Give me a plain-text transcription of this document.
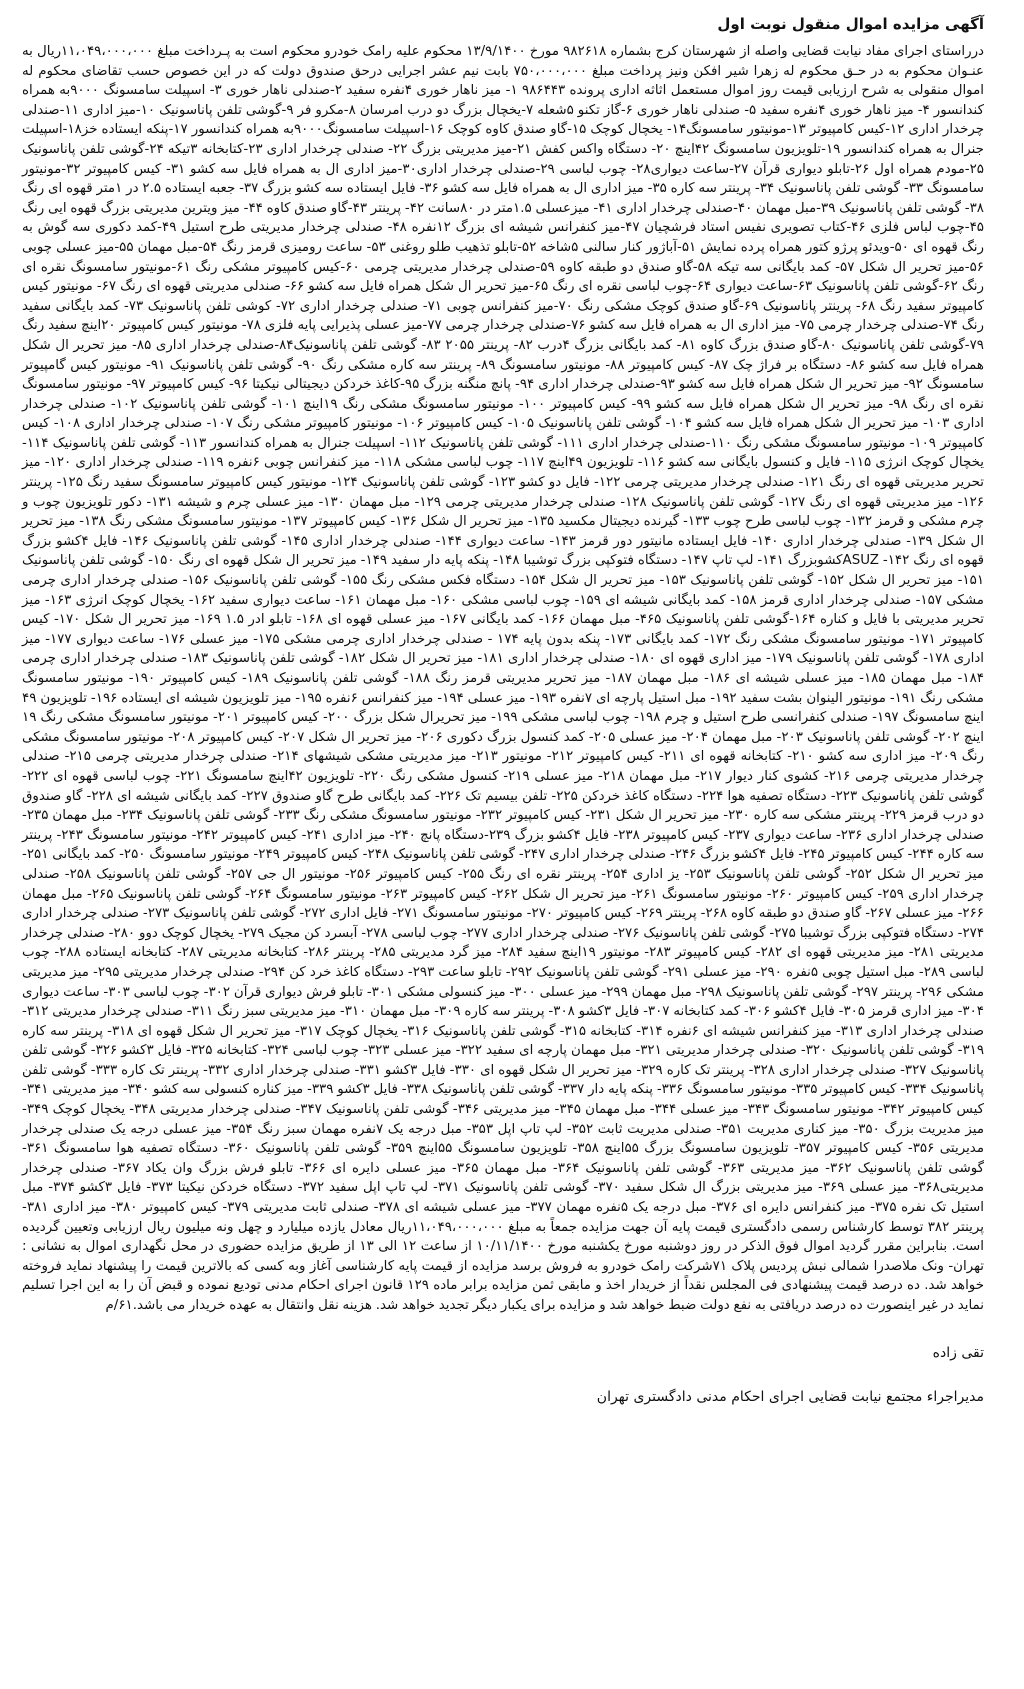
آگهی مزایده اموال منقول نوبت اول

درراستای اجرای مفاد نیابت قضایی واصله از شهرستان کرج بشماره ۹۸۲۶۱۸ مورخ ۱۳/۹/۱۴۰۰ محکوم علیه رامک خودرو محکوم است به پـرداخت مبلغ ۱۱،۰۴۹،۰۰۰،۰۰۰ریال به عنـوان محکوم به در حـق محکوم له زهرا شیر افکن ونیز پرداخت مبلغ ۷۵۰،۰۰۰،۰۰۰ بابت نیم عشر اجرایی درحق صندوق دولت که در این خصوص حسب تقاضای محکوم له اموال منقولی به شرح ارزیابی قیمت روز اموال مستعمل اثاثه اداری پرونده ۹۸۶۴۴۳ ۱- میز ناهار خوری ۴نفره سفید ۲-صندلی ناهار خوری ۳- اسپیلت سامسونگ ۹۰۰۰به همراه کندانسور ۴- میز ناهار خوری ۴نفره سفید ۵- صندلی ناهار خوری ۶-گاز تکنو ۵شعله ۷-یخچال بزرگ دو درب امرسان ۸-مکرو فر ۹-گوشی تلفن پاناسونیک ۱۰-میز اداری ۱۱-صندلی چرخدار اداری ۱۲-کیس کامپیوتر ۱۳-مونیتور سامسونگ۱۴- یخچال کوچک ۱۵-گاو صندق کاوه کوچک ۱۶-اسپیلت سامسونگ۹۰۰۰به همراه کندانسور ۱۷-پنکه ایستاده خز۱۸-اسپیلت جنرال به همراه کندانسور ۱۹-تلویزیون سامسونگ ۴۲اینچ ۲۰- دستگاه واکس کفش ۲۱-میز مدیریتی بزرگ ۲۲- صندلی چرخدار اداری ۲۳-کتابخانه ۳تیکه ۲۴-گوشی تلفن پاناسونیک ۲۵-مودم همراه اول ۲۶-تابلو دیواری قرآن ۲۷-ساعت دیواری۲۸- چوب لباسی ۲۹-صندلی چرخدار اداری۳۰-میز اداری ال به همراه فایل سه کشو ۳۱- کیس کامپیوتر ۳۲-مونیتور سامسونگ ۳۳- گوشی تلفن پاناسونیک ۳۴- پرینتر سه کاره ۳۵- میز اداری ال به همراه فایل سه کشو ۳۶- فایل ایستاده سه کشو بزرگ ۳۷- جعبه ایستاده ۲.۵ در ۱متر قهوه ای رنگ ۳۸- گوشی تلفن پاناسونیک ۳۹-مبل مهمان ۴۰-صندلی چرخدار اداری ۴۱- میزعسلی ۱.۵متر در ۸۰سانت ۴۲- پرینتر ۴۳-گاو صندق کاوه ۴۴- میز ویترین مدیریتی بزرگ قهوه ایی رنگ ۴۵-چوب لباس فلزی ۴۶-کتاب تصویری نفیس استاد فرشچیان ۴۷-میز کنفرانس شیشه ای بزرگ ۱۲نفره ۴۸- صندلی چرخدار مدیریتی طرح استیل ۴۹-کمد دکوری سه گوش به رنگ قهوه ای ۵۰-ویدئو پرژو کتور همراه پرده نمایش ۵۱-آباژور کنار سالنی ۵شاخه ۵۲-تابلو تذهیب طلو روغنی ۵۳- ساعت رومیزی قرمز رنگ ۵۴-مبل مهمان ۵۵-میز عسلی چوبی ۵۶-میز تحریر ال شکل ۵۷- کمد بایگانی سه تیکه ۵۸-گاو صندق دو طبقه کاوه ۵۹-صندلی چرخدار مدیریتی چرمی ۶۰-کیس کامپیوتر مشکی رنگ ۶۱-مونیتور سامسونگ نقره ای رنگ ۶۲-گوشی تلفن پاناسونیک ۶۳-ساعت دیواری ۶۴-چوب لباسی نقره ای رنگ ۶۵-میز تحریر ال شکل همراه فایل سه کشو ۶۶- صندلی مدیریتی قهوه ای رنگ ۶۷- مونیتور کیس کامپیوتر سفید رنگ ۶۸- پرینتر پاناسونیک ۶۹-گاو صندق کوچک مشکی رنگ ۷۰-میز کنفرانس چوبی ۷۱- صندلی چرخدار اداری ۷۲- کوشی تلفن پاناسونیک ۷۳- کمد بایگانی سفید رنگ ۷۴-صندلی چرخدار چرمی ۷۵- میز اداری ال به همراه فایل سه کشو ۷۶-صندلی چرخدار چرمی ۷۷-میز عسلی پذیرایی پایه فلزی ۷۸- مونیتور کیس کامپیوتر ۲۰اینچ سفید رنگ ۷۹-گوشی تلفن پاناسونیک ۸۰-گاو صندق بزرگ کاوه ۸۱- کمد بایگانی بزرگ ۴درب ۸۲- پرینتر ۲۰۵۵ ۸۳- گوشی تلفن پاناسونیک۸۴-صندلی چرخدار اداری ۸۵- میز تحریر ال شکل همراه فایل سه کشو ۸۶- دستگاه بر فراژ چک ۸۷- کیس کامپیوتر ۸۸- مونیتور سامسونگ ۸۹- پرینتر سه کاره مشکی رنگ ۹۰- گوشی تلفن پاناسونیک ۹۱- مونیتور کیس گامپیوتر سامسونگ ۹۲- میز تحریر ال شکل همراه فایل سه کشو ۹۳-صندلی چرخدار اداری ۹۴- پانچ منگنه بزرگ ۹۵-کاغذ خردکن دیجیتالی نیکیتا ۹۶- کیس کامپیوتر ۹۷- مونیتور سامسونگ نقره ای رنگ ۹۸- میز تحریر ال شکل همراه فایل سه کشو ۹۹- کیس کامپیوتر ۱۰۰- مونیتور سامسونگ مشکی رنگ ۱۹اینچ ۱۰۱- گوشی تلفن پاناسونیک ۱۰۲- صندلی چرخدار اداری ۱۰۳- میز تحریر ال شکل همراه فایل سه کشو ۱۰۴- گوشی تلفن پاناسونیک ۱۰۵- کیس کامپیوتر ۱۰۶- مونیتور کامپیوتر مشکی رنگ ۱۰۷- صندلی چرخدار اداری ۱۰۸- کیس کامپیوتر ۱۰۹- مونیتور سامسونگ مشکی رنگ ۱۱۰-صندلی چرخدار اداری ۱۱۱- گوشی تلفن پاناسونیک ۱۱۲- اسپیلت جنرال به همراه کندانسور ۱۱۳- گوشی تلفن پاناسونیک ۱۱۴- یخچال کوچک انرژی ۱۱۵- فایل و کنسول بایگانی سه کشو ۱۱۶- تلویزیون ۴۹اینچ ۱۱۷- چوب لباسی مشکی ۱۱۸- میز کنفرانس چوبی ۶نفره ۱۱۹- صندلی چرخدار اداری ۱۲۰- میز تحریر مدیریتی قهوه ای رنگ ۱۲۱- صندلی چرخدار مدیریتی چرمی ۱۲۲- فایل دو کشو ۱۲۳- گوشی تلفن پاناسونیک ۱۲۴- مونیتور کیس کامپیوتر سامسونگ سفید رنگ ۱۲۵- پرینتر ۱۲۶- میز مدیریتی قهوه ای رنگ ۱۲۷- گوشی تلفن پاناسونیک ۱۲۸- صندلی چرخدار مدیریتی چرمی ۱۲۹- مبل مهمان ۱۳۰- میز عسلی چرم و شیشه ۱۳۱- دکور تلویزیون چوب و چرم مشکی و قرمز ۱۳۲- چوب لباسی طرح چوب ۱۳۳- گیرنده دیجیتال مکسید ۱۳۵- میز تحریر ال شکل ۱۳۶- کیس کامپیوتر ۱۳۷- مونیتور سامسونگ مشکی رنگ ۱۳۸- میز تحریر ال شکل ۱۳۹- صندلی چرخدار اداری ۱۴۰- فایل ایستاده مانیتور دور قرمز ۱۴۳- ساعت دیواری ۱۴۴- صندلی چرخدار اداری ۱۴۵- گوشی تلفن پاناسونیک ۱۴۶- فایل ۴کشو بزرگ قهوه ای رنگ ۱۴۲- ASUZکشوبزرگ ۱۴۱- لپ تاپ ۱۴۷- دستگاه فتوکپی بزرگ توشیبا ۱۴۸- پنکه پایه دار سفید ۱۴۹- میز تحریر ال شکل قهوه ای رنگ ۱۵۰- گوشی تلفن پاناسونیک ۱۵۱- میز تحریر ال شکل ۱۵۲- گوشی تلفن پاناسونیک ۱۵۳- میز تحریر ال شکل ۱۵۴- دستگاه فکس مشکی رنگ ۱۵۵- گوشی تلفن پاناسونیک ۱۵۶- صندلی چرخدار اداری چرمی مشکی ۱۵۷- صندلی چرخدار اداری قرمز ۱۵۸- کمد بایگانی شیشه ای ۱۵۹- چوب لباسی مشکی ۱۶۰- مبل مهمان ۱۶۱- ساعت دیواری سفید ۱۶۲- یخچال کوچک انرژی ۱۶۳- میز تحریر مدیریتی با فایل و کناره ۱۶۴-گوشی تلفن پاناسونیک ۴۶۵- مبل مهمان ۱۶۶- کمد بایگانی ۱۶۷- میز عسلی قهوه ای ۱۶۸- تابلو ادر ۱.۵ ۱۶۹- میز تحریر ال شکل ۱۷۰- کیس کامپیوتر ۱۷۱- مونیتور سامسونگ مشکی رنگ ۱۷۲- کمد بایگانی ۱۷۳- پنکه بدون پایه ۱۷۴ - صندلی چرخدار اداری چرمی مشکی ۱۷۵- میز عسلی ۱۷۶- ساعت دیواری ۱۷۷- میز اداری ۱۷۸- گوشی تلفن پاناسونیک ۱۷۹- میز اداری قهوه ای ۱۸۰- صندلی چرخدار اداری ۱۸۱- میز تحریر ال شکل ۱۸۲- گوشی تلفن پاناسونیک ۱۸۳- صندلی چرخدار اداری چرمی ۱۸۴- مبل مهمان ۱۸۵- میز عسلی شیشه ای ۱۸۶- مبل مهمان ۱۸۷- میز تحریر مدیریتی قرمز رنگ ۱۸۸- گوشی تلفن پاناسونیک ۱۸۹- کیس کامپیوتر ۱۹۰- مونیتور سامسونگ مشکی رنگ ۱۹۱- مونیتور الینوان بشت سفید ۱۹۲- مبل استیل پارچه ای ۷نفره ۱۹۳- میز عسلی ۱۹۴- میز کنفرانس ۶نفره ۱۹۵- میز تلویزیون شیشه ای ایستاده ۱۹۶- تلویزیون ۴۹ اینچ سامسونگ ۱۹۷- صندلی کنفرانسی طرح استیل و چرم ۱۹۸- چوب لباسی مشکی ۱۹۹- میز تحریرال شکل بزرگ ۲۰۰- کیس کامپیوتر ۲۰۱- مونیتور سامسونگ مشکی رنگ ۱۹ اینچ ۲۰۲- گوشی تلفن پاناسونیک ۲۰۳- مبل مهمان ۲۰۴- میز عسلی ۲۰۵- کمد کنسول بزرگ دکوری ۲۰۶- میز تحریر ال شکل ۲۰۷- کیس کامپیوتر ۲۰۸- مونیتور سامسونگ مشکی رنگ ۲۰۹- میز اداری سه کشو ۲۱۰- کتابخانه قهوه ای ۲۱۱- کیس کامپیوتر ۲۱۲- مونیتور ۲۱۳- میز مدیریتی مشکی شیشهای ۲۱۴- صندلی چرخدار مدیریتی چرمی ۲۱۵- صندلی چرخدار مدیریتی چرمی ۲۱۶- کشوی کنار دیوار ۲۱۷- مبل مهمان ۲۱۸- میز عسلی ۲۱۹- کنسول مشکی رنگ ۲۲۰- تلویزیون ۴۲اینچ سامسونگ ۲۲۱- چوب لباسی قهوه ای ۲۲۲- گوشی تلفن پاناسونیک ۲۲۳- دستگاه تصفیه هوا ۲۲۴- دستگاه کاغذ خردکن ۲۲۵- تلفن بیسیم تک ۲۲۶- کمد بایگانی طرح گاو صندوق ۲۲۷- کمد بایگانی شیشه ای ۲۲۸- گاو صندوق دو درب قرمز ۲۲۹- پرینتر مشکی سه کاره ۲۳۰- میز تحریر ال شکل ۲۳۱- کیس کامپیوتر ۲۳۲- مونیتور سامسونگ مشکی رنگ ۲۳۳- گوشی تلفن پاناسونیک ۲۳۴- مبل مهمان ۲۳۵- صندلی چرخدار اداری ۲۳۶- ساعت دیواری ۲۳۷- کیس کامپیوتر ۲۳۸- فایل ۴کشو بزرگ ۲۳۹-دستگاه پانچ ۲۴۰- میز اداری ۲۴۱- کیس کامپیوتر ۲۴۲- مونیتور سامسونگ ۲۴۳- پرینتر سه کاره ۲۴۴- کیس کامپیوتر ۲۴۵- فایل ۴کشو بزرگ ۲۴۶- صندلی چرخدار اداری ۲۴۷- گوشی تلفن پاناسونیک ۲۴۸- کیس کامپیوتر ۲۴۹- مونیتور سامسونگ ۲۵۰- کمد بایگانی ۲۵۱- میز تحریر ال شکل ۲۵۲- گوشی تلفن پاناسونیک ۲۵۳- یز اداری ۲۵۴- پرینتر نقره ای رنگ ۲۵۵- کیس کامپیوتر ۲۵۶- مونیتور ال جی ۲۵۷- گوشی تلفن پاناسونیک ۲۵۸- صندلی چرخدار اداری ۲۵۹- کیس کامپیوتر ۲۶۰- مونیتور سامسونگ ۲۶۱- میز تحریر ال شکل ۲۶۲- کیس کامپیوتر ۲۶۳- مونیتور سامسونگ ۲۶۴- گوشی تلفن پاناسونیک ۲۶۵- مبل مهمان ۲۶۶- میز عسلی ۲۶۷- گاو صندق دو طبقه کاوه ۲۶۸- پرینتر ۲۶۹- کیس کامپیوتر ۲۷۰- مونیتور سامسونگ ۲۷۱- فایل اداری ۲۷۲- گوشی تلفن پاناسونیک ۲۷۳- صندلی چرخدار اداری ۲۷۴- دستگاه فتوکپی بزرگ توشیبا ۲۷۵- گوشی تلفن پاناسونیک ۲۷۶- صندلی چرخدار اداری ۲۷۷- چوب لباسی ۲۷۸- آبسرد کن مجیک ۲۷۹- یخچال کوچک دوو ۲۸۰- صندلی چرخدار مدیریتی ۲۸۱- میز مدیریتی قهوه ای ۲۸۲- کیس کامپیوتر ۲۸۳- مونیتور ۱۹اینچ سفید ۲۸۴- میز گرد مدیریتی ۲۸۵- پرینتر ۲۸۶- کتابخانه مدیریتی ۲۸۷- کتابخانه ایستاده ۲۸۸- چوب لباسی ۲۸۹- مبل استیل چوبی ۵نفره ۲۹۰- میز عسلی ۲۹۱- گوشی تلفن پاناسونیک ۲۹۲- تابلو ساعت ۲۹۳- دستگاه کاغذ خرد کن ۲۹۴- صندلی چرخدار مدیریتی ۲۹۵- میز مدیریتی مشکی ۲۹۶- پرینتر ۲۹۷- گوشی تلفن پاناسونیک ۲۹۸- مبل مهمان ۲۹۹- میز عسلی ۳۰۰- میز کنسولی مشکی ۳۰۱- تابلو فرش دیواری قرآن ۳۰۲- چوب لباسی ۳۰۳- ساعت دیواری ۳۰۴- میز اداری قرمز ۳۰۵- فایل ۴کشو ۳۰۶- کمد کتابخانه ۳۰۷- فایل ۳کشو ۳۰۸- پرینتر سه کاره ۳۰۹- مبل مهمان ۳۱۰- میز مدیریتی سبز رنگ ۳۱۱- صندلی چرخدار مدیریتی ۳۱۲- صندلی چرخدار اداری ۳۱۳- میز کنفرانس شیشه ای ۶نفره ۳۱۴- کتابخانه ۳۱۵- گوشی تلفن پاناسونیک ۳۱۶- یخچال کوچک ۳۱۷- میز تحریر ال شکل قهوه ای ۳۱۸- پرینتر سه کاره ۳۱۹- گوشی تلفن پاناسونیک ۳۲۰- صندلی چرخدار مدیریتی ۳۲۱- مبل مهمان پارچه ای سفید ۳۲۲- میز عسلی ۳۲۳- چوب لباسی ۳۲۴- کتابخانه ۳۲۵- فایل ۳کشو ۳۲۶- گوشی تلفن پاناسونیک ۳۲۷- صندلی چرخدار اداری ۳۲۸- پرینتر تک کاره ۳۲۹- میز تحریر ال شکل قهوه ای ۳۳۰- فایل ۳کشو ۳۳۱- صندلی چرخدار اداری ۳۳۲- پرینتر تک کاره ۳۳۳- گوشی تلفن پاناسونیک ۳۳۴- کیس کامپیوتر ۳۳۵- مونیتور سامسونگ ۳۳۶- پنکه پایه دار ۳۳۷- گوشی تلفن پاناسونیک ۳۳۸- فایل ۳کشو ۳۳۹- میز کناره کنسولی سه کشو ۳۴۰- میز مدیریتی ۳۴۱- کیس کامپیوتر ۳۴۲- مونیتور سامسونگ ۳۴۳- میز عسلی ۳۴۴- مبل مهمان ۳۴۵- میز مدیریتی ۳۴۶- گوشی تلفن پاناسونیک ۳۴۷- صندلی چرخدار مدیریتی ۳۴۸- یخچال کوچک ۳۴۹- میز مدیریت بزرگ ۳۵۰- میز کناری مدیریت ۳۵۱- صندلی مدیریت ثابت ۳۵۲- لپ تاپ اپل ۳۵۳- مبل درجه یک ۷نفره مهمان سبز رنگ ۳۵۴- میز عسلی درجه یک صندلی چرخدار مدیریتی ۳۵۶- کیس کامپیوتر ۳۵۷- تلویزیون سامسونگ بزرگ ۵۵اینچ ۳۵۸- تلویزیون سامسونگ ۵۵اینچ ۳۵۹- گوشی تلفن پاناسونیک ۳۶۰- دستگاه تصفیه هوا سامسونگ ۳۶۱- گوشی تلفن پاناسونیک ۳۶۲- میز مدیریتی ۳۶۳- گوشی تلفن پاناسونیک ۳۶۴- مبل مهمان ۳۶۵- میز عسلی دایره ای ۳۶۶- تابلو فرش بزرگ وان یکاد ۳۶۷- صندلی چرخدار مدیریتی۳۶۸- میز عسلی ۳۶۹- میز مدیریتی بزرگ ال شکل سفید ۳۷۰- گوشی تلفن پاناسونیک ۳۷۱- لپ تاپ اپل سفید ۳۷۲- دستگاه خردکن نیکیتا ۳۷۳- فایل ۳کشو ۳۷۴- مبل استیل تک نفره ۳۷۵- میز کنفرانس دایره ای ۳۷۶- مبل درجه یک ۵نفره مهمان ۳۷۷- میز عسلی شیشه ای ۳۷۸- صندلی ثابت مدیریتی ۳۷۹- کیس کامپیوتر ۳۸۰- میز اداری ۳۸۱- پرینتر ۳۸۲ توسط کارشناس رسمی دادگستری قیمت پایه آن جهت مزایده جمعاً به مبلغ ۱۱،۰۴۹،۰۰۰،۰۰۰ریال معادل یازده میلیارد و چهل ونه میلیون ریال ارزیابی وتعیین گردیده است. بنابراین مقرر گردید اموال فوق الذکر در روز دوشنبه مورخ یکشنبه مورخ ۱۰/۱۱/۱۴۰۰ از ساعت ۱۲ الی ۱۳ از طریق مزایده حضوری در محل نگهداری اموال به نشانی : تهران- ونک ملاصدرا شمالی نبش پردیس پلاک ۷۱شرکت رامک خودرو به فروش برسد مزایده از قیمت پایه کارشناسی آغاز وبه کسی که بالاترین قیمت را پیشنهاد نماید فروخته خواهد شد. ده درصد قیمت پیشنهادی فی المجلس نقداً از خریدار اخذ و مابقی ثمن مزایده برابر ماده ۱۲۹ قانون اجرای احکام مدنی تودیع نموده و قبض آن را به این اجرا تسلیم نماید در غیر اینصورت ده درصد دریافتی به نفع دولت ضبط خواهد شد و مزایده برای یکبار دیگر تجدید خواهد شد. هزینه نقل وانتقال به عهده خریدار می باشد.۶۱/م

تقی زاده
مدیراجراء مجتمع نیابت قضایی اجرای احکام مدنی دادگستری تهران
